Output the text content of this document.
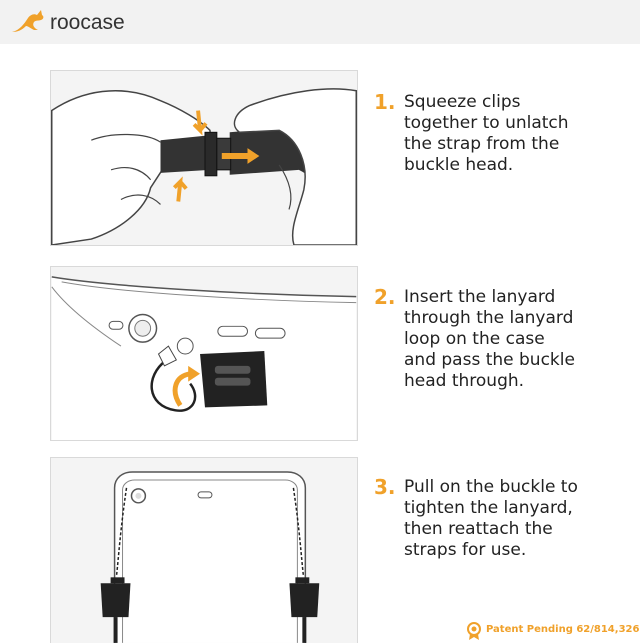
roocase
1. Squeeze clips
together to unlatch
the strap from the
buckle head.
2. Insert the lanyard
through the lanyard
loop on the case
and pass the buckle
head through.
3. Pull on the buckle to
tighten the lanyard,
then reattach the
straps for use.
Patent Pending 62/814,326
